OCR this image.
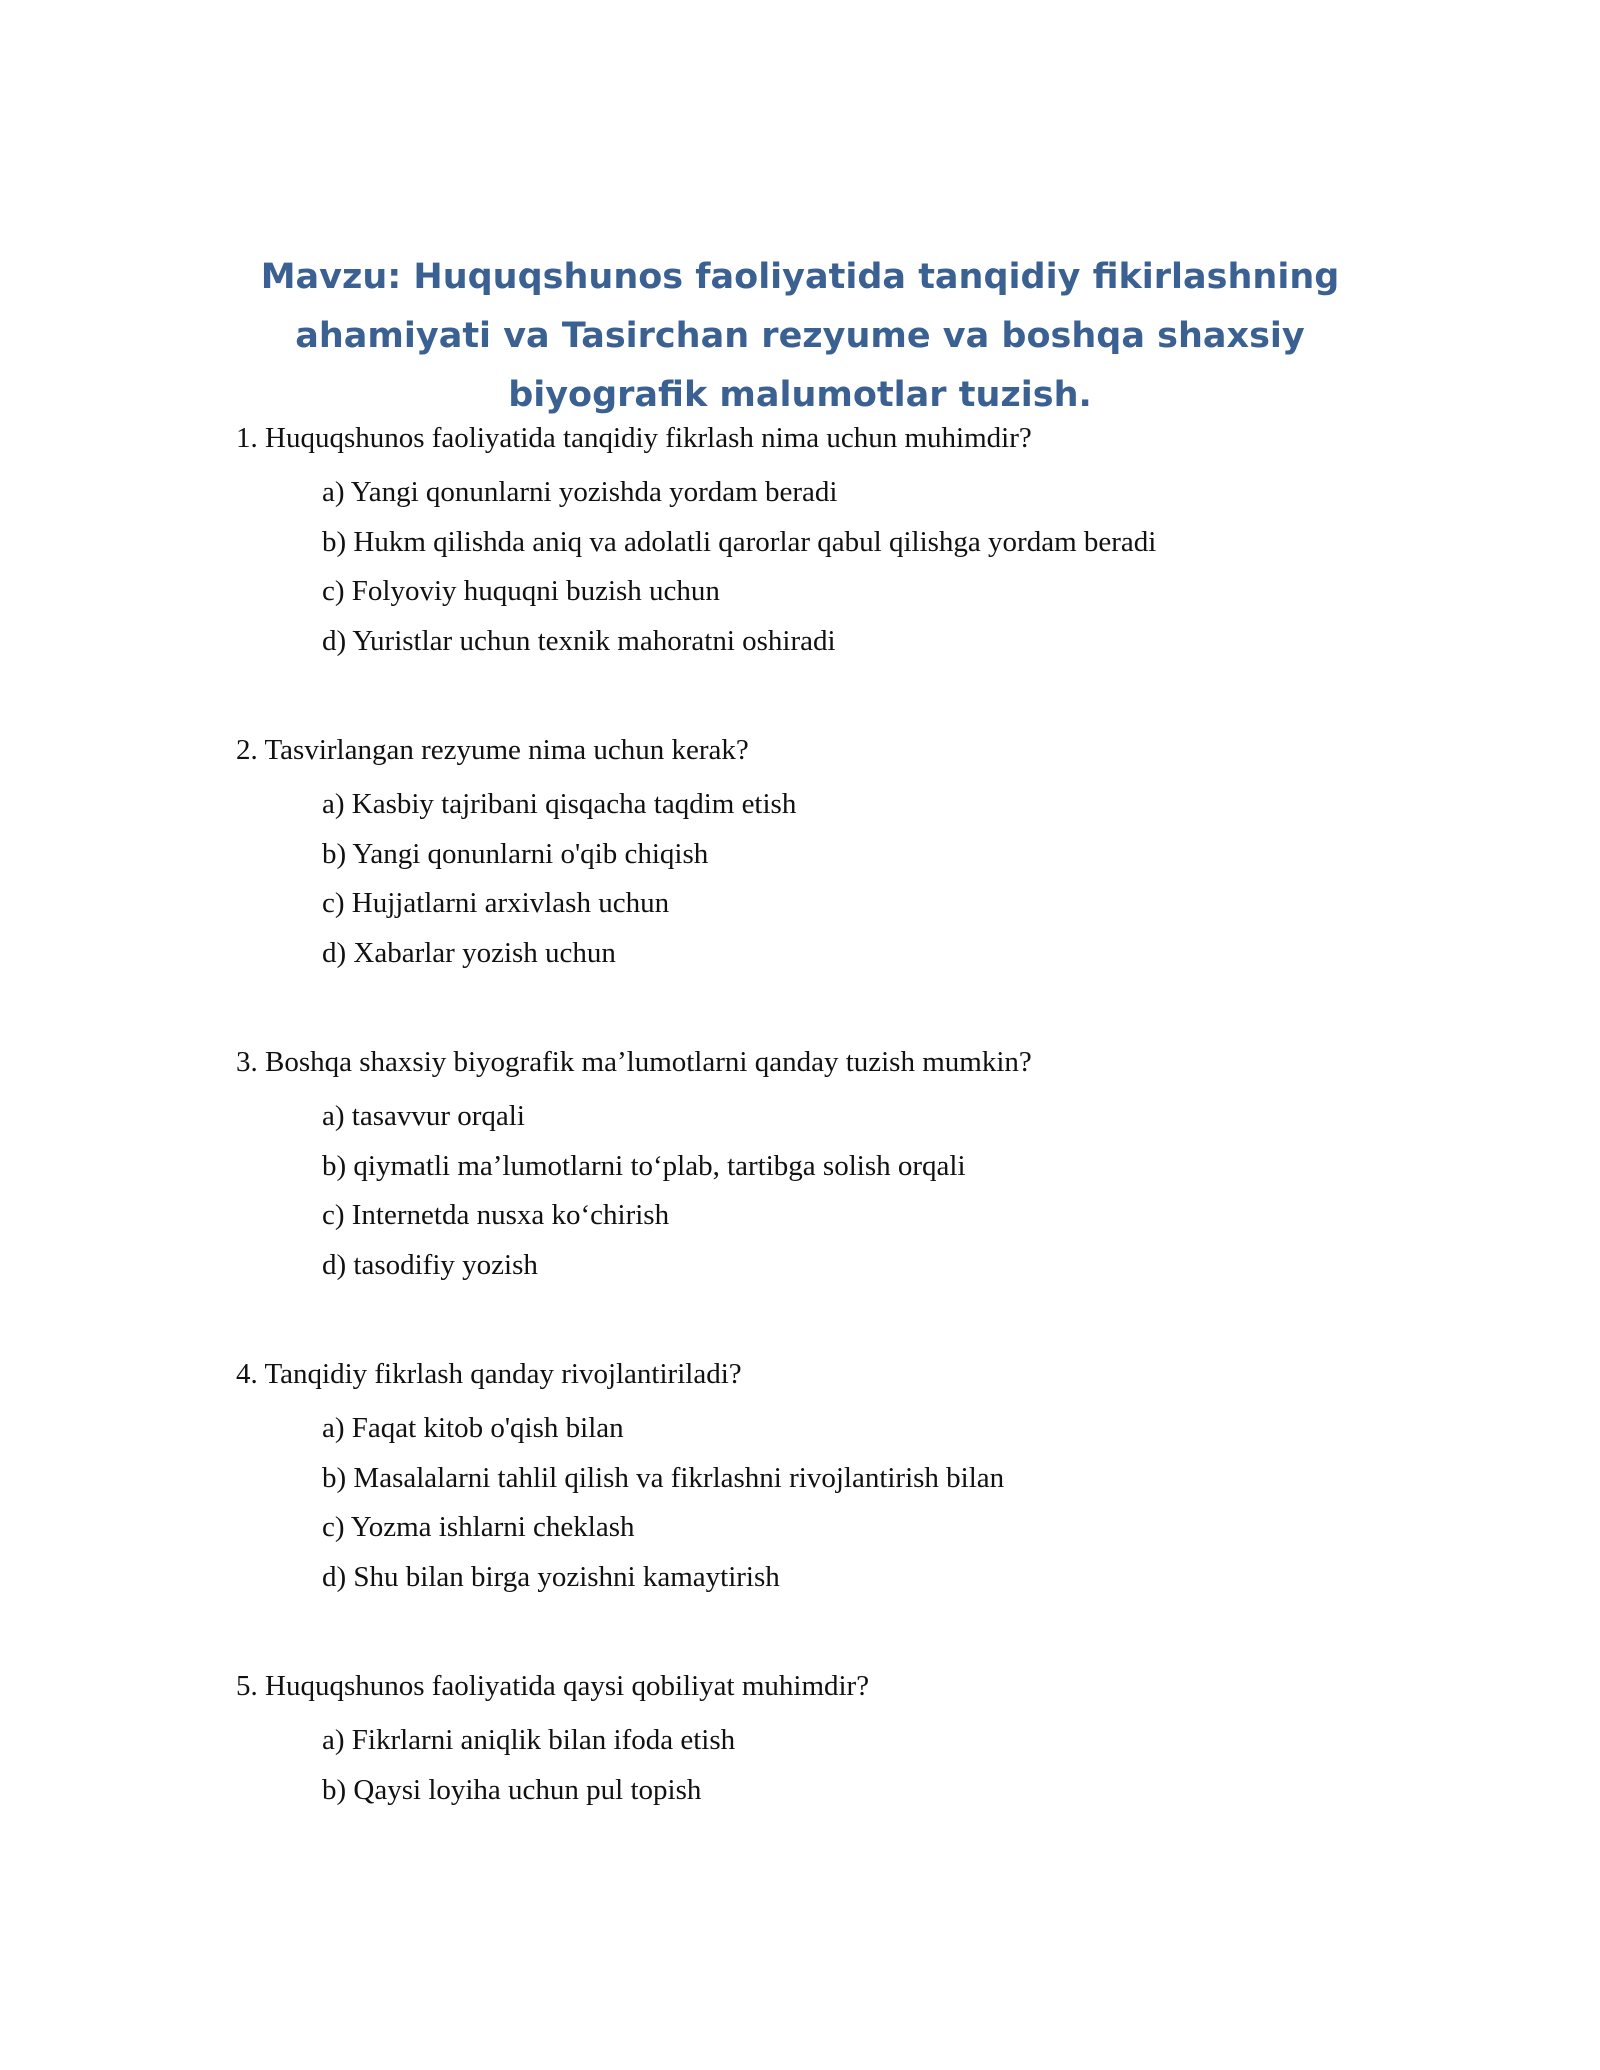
Mavzu: Huquqshunos faoliyatida tanqidiy fikirlashning ahamiyati va Tasirchan rezyume va boshqa shaxsiy biyografik malumotlar tuzish.

1. Huquqshunos faoliyatida tanqidiy fikrlash nima uchun muhimdir?

a) Yangi qonunlarni yozishda yordam beradi
b) Hukm qilishda aniq va adolatli qarorlar qabul qilishga yordam beradi
c) Folyoviy huquqni buzish uchun
d) Yuristlar uchun texnik mahoratni oshiradi

2. Tasvirlangan rezyume nima uchun kerak?

a) Kasbiy tajribani qisqacha taqdim etish
b) Yangi qonunlarni o'qib chiqish
c) Hujjatlarni arxivlash uchun
d) Xabarlar yozish uchun

3. Boshqa shaxsiy biyografik ma’lumotlarni qanday tuzish mumkin?

a) tasavvur orqali
b) qiymatli ma’lumotlarni to‘plab, tartibga solish orqali
c) Internetda nusxa ko‘chirish
d) tasodifiy yozish

4. Tanqidiy fikrlash qanday rivojlantiriladi?

a) Faqat kitob o'qish bilan
b) Masalalarni tahlil qilish va fikrlashni rivojlantirish bilan
c) Yozma ishlarni cheklash
d) Shu bilan birga yozishni kamaytirish

5. Huquqshunos faoliyatida qaysi qobiliyat muhimdir?

a) Fikrlarni aniqlik bilan ifoda etish
b) Qaysi loyiha uchun pul topish
